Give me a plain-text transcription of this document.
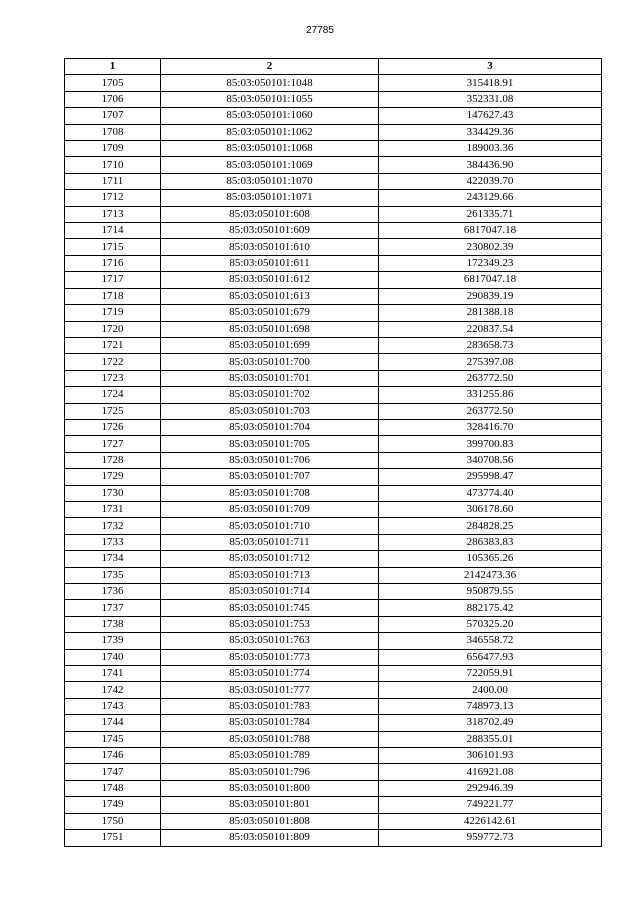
27785
1	2	3
1705	85:03:050101:1048	315418.91
1706	85:03:050101:1055	352331.08
1707	85:03:050101:1060	147627.43
1708	85:03:050101:1062	334429.36
1709	85:03:050101:1068	189003.36
1710	85:03:050101:1069	384436.90
1711	85:03:050101:1070	422039.70
1712	85:03:050101:1071	243129.66
1713	85:03:050101:608	261335.71
1714	85:03:050101:609	6817047.18
1715	85:03:050101:610	230802.39
1716	85:03:050101:611	172349.23
1717	85:03:050101:612	6817047.18
1718	85:03:050101:613	290839.19
1719	85:03:050101:679	281388.18
1720	85:03:050101:698	220837.54
1721	85:03:050101:699	283658.73
1722	85:03:050101:700	275397.08
1723	85:03:050101:701	263772.50
1724	85:03:050101:702	331255.86
1725	85:03:050101:703	263772.50
1726	85:03:050101:704	328416.70
1727	85:03:050101:705	399700.83
1728	85:03:050101:706	340708.56
1729	85:03:050101:707	295998.47
1730	85:03:050101:708	473774.40
1731	85:03:050101:709	306178.60
1732	85:03:050101:710	284828.25
1733	85:03:050101:711	286383.83
1734	85:03:050101:712	105365.26
1735	85:03:050101:713	2142473.36
1736	85:03:050101:714	950879.55
1737	85:03:050101:745	882175.42
1738	85:03:050101:753	570325.20
1739	85:03:050101:763	346558.72
1740	85:03:050101:773	656477.93
1741	85:03:050101:774	722059.91
1742	85:03:050101:777	2400.00
1743	85:03:050101:783	748973.13
1744	85:03:050101:784	318702.49
1745	85:03:050101:788	288355.01
1746	85:03:050101:789	306101.93
1747	85:03:050101:796	416921.08
1748	85:03:050101:800	292946.39
1749	85:03:050101:801	749221.77
1750	85:03:050101:808	4226142.61
1751	85:03:050101:809	959772.73
